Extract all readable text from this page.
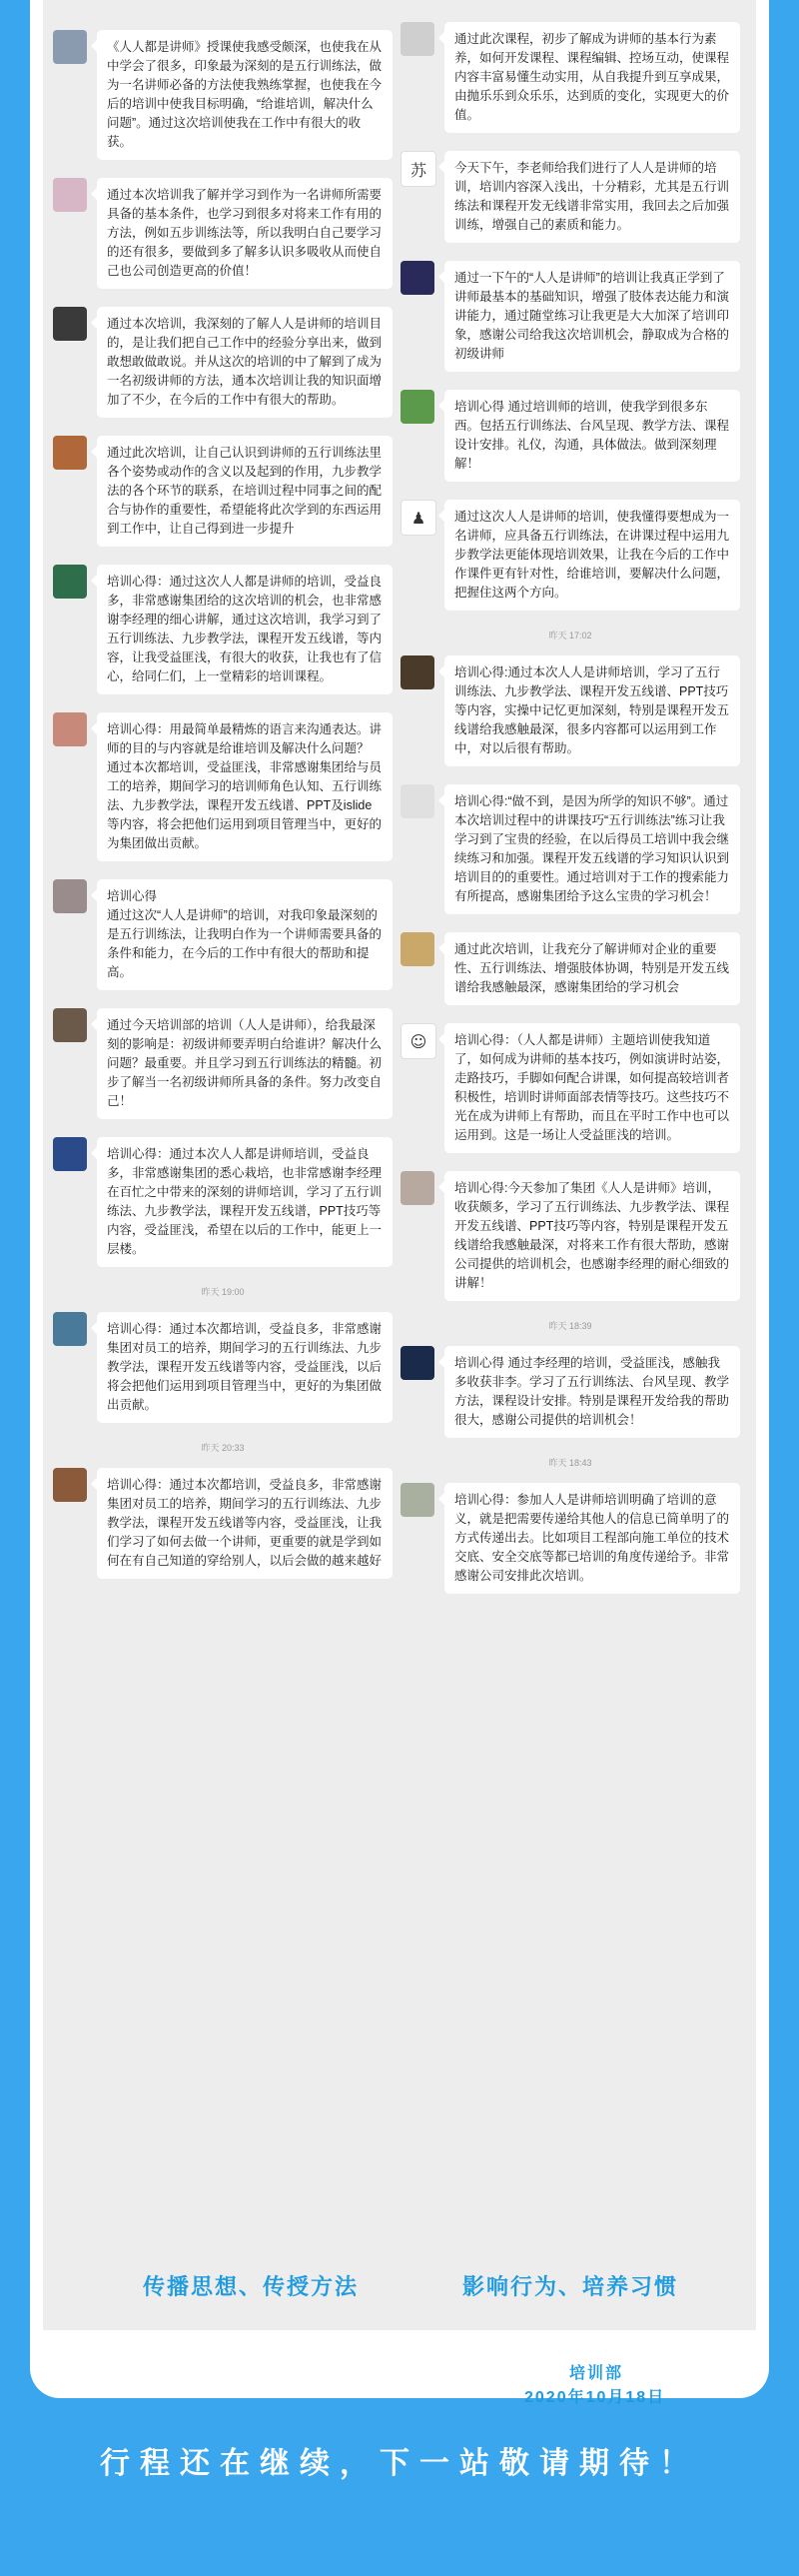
《人人都是讲师》授课使我感受颇深，也使我在从中学会了很多，印象最为深刻的是五行训练法，做为一名讲师必备的方法使我熟练掌握，也使我在今后的培训中使我目标明确，“给谁培训，解决什么问题”。通过这次培训使我在工作中有很大的收获。
通过本次培训我了解并学习到作为一名讲师所需要具备的基本条件，也学习到很多对将来工作有用的方法，例如五步训练法等，所以我明白自己要学习的还有很多，要做到多了解多认识多吸收从而使自己也公司创造更高的价值！
通过本次培训，我深刻的了解人人是讲师的培训目的，是让我们把自己工作中的经验分享出来，做到敢想敢做敢说。并从这次的培训的中了解到了成为一名初级讲师的方法，通本次培训让我的知识面增加了不少，在今后的工作中有很大的帮助。
通过此次培训，让自己认识到讲师的五行训练法里各个姿势或动作的含义以及起到的作用，九步教学法的各个环节的联系，在培训过程中同事之间的配合与协作的重要性，希望能将此次学到的东西运用到工作中，让自己得到进一步提升
培训心得：通过这次人人都是讲师的培训，受益良多，非常感谢集团给的这次培训的机会，也非常感谢李经理的细心讲解，通过这次培训，我学习到了五行训练法、九步教学法，课程开发五线谱，等内容，让我受益匪浅，有很大的收获，让我也有了信心，给同仁们，上一堂精彩的培训课程。
培训心得：用最简单最精炼的语言来沟通表达。讲师的目的与内容就是给谁培训及解决什么问题？
通过本次都培训，受益匪浅，非常感谢集团给与员工的培养，期间学习的培训师角色认知、五行训练法、九步教学法，课程开发五线谱、PPT及islide等内容，将会把他们运用到项目管理当中，更好的为集团做出贡献。
培训心得
通过这次“人人是讲师”的培训，对我印象最深刻的是五行训练法，让我明白作为一个讲师需要具备的条件和能力，在今后的工作中有很大的帮助和提高。
通过今天培训部的培训（人人是讲师），给我最深刻的影响是：初级讲师要弄明白给谁讲？解决什么问题？最重要。并且学习到五行训练法的精髓。初步了解当一名初级讲师所具备的条件。努力改变自己！
培训心得：通过本次人人都是讲师培训，受益良多，非常感谢集团的悉心栽培，也非常感谢李经理在百忙之中带来的深刻的讲师培训，学习了五行训练法、九步教学法，课程开发五线谱，PPT技巧等内容，受益匪浅，希望在以后的工作中，能更上一层楼。
昨天 19:00
培训心得：通过本次都培训，受益良多，非常感谢集团对员工的培养，期间学习的五行训练法、九步教学法，课程开发五线谱等内容，受益匪浅，以后将会把他们运用到项目管理当中，更好的为集团做出贡献。
昨天 20:33
培训心得：通过本次都培训，受益良多，非常感谢集团对员工的培养，期间学习的五行训练法、九步教学法，课程开发五线谱等内容，受益匪浅，让我们学习了如何去做一个讲师，更重要的就是学到如何在有自己知道的穿给别人，以后会做的越来越好
通过此次课程，初步了解成为讲师的基本行为素养，如何开发课程、课程编辑、控场互动，使课程内容丰富易懂生动实用，从自我提升到互享成果，由抛乐乐到众乐乐，达到质的变化，实现更大的价值。
苏	今天下午，李老师给我们进行了人人是讲师的培训，培训内容深入浅出，十分精彩，尤其是五行训练法和课程开发无线谱非常实用，我回去之后加强训练，增强自己的素质和能力。
通过一下午的“人人是讲师”的培训让我真正学到了讲师最基本的基础知识，增强了肢体表达能力和演讲能力，通过随堂练习让我更是大大加深了培训印象，感谢公司给我这次培训机会，静取成为合格的初级讲师
培训心得 通过培训师的培训，使我学到很多东西。包括五行训练法、台风呈现、教学方法、课程设计安排。礼仪，沟通，具体做法。做到深刻理解！
♟	通过这次人人是讲师的培训，使我懂得要想成为一名讲师，应具备五行训练法，在讲课过程中运用九步教学法更能体现培训效果，让我在今后的工作中作课件更有针对性，给谁培训，要解决什么问题，把握住这两个方向。
昨天 17:02
培训心得:通过本次人人是讲师培训，学习了五行训练法、九步教学法、课程开发五线谱、PPT技巧等内容，实操中记忆更加深刻，特别是课程开发五线谱给我感触最深，很多内容都可以运用到工作中，对以后很有帮助。
培训心得:“做不到，是因为所学的知识不够”。通过本次培训过程中的讲课技巧“五行训练法”练习让我学习到了宝贵的经验，在以后得员工培训中我会继续练习和加强。课程开发五线谱的学习知识认识到培训目的的重要性。通过培训对于工作的搜索能力有所提高，感谢集团给予这么宝贵的学习机会！
通过此次培训，让我充分了解讲师对企业的重要性、五行训练法、增强肢体协调，特别是开发五线谱给我感触最深，感谢集团给的学习机会
☺	培训心得：（人人都是讲师）主题培训使我知道了，如何成为讲师的基本技巧，例如演讲时站姿，走路技巧，手脚如何配合讲课，如何提高较培训者积极性，培训时讲师面部表情等技巧。这些技巧不光在成为讲师上有帮助，而且在平时工作中也可以运用到。这是一场让人受益匪浅的培训。
培训心得:今天参加了集团《人人是讲师》培训，收获颇多，学习了五行训练法、九步教学法、课程开发五线谱、PPT技巧等内容，特别是课程开发五线谱给我感触最深，对将来工作有很大帮助，感谢公司提供的培训机会，也感谢李经理的耐心细致的讲解！
昨天 18:39
培训心得 通过李经理的培训，受益匪浅，感触我多收获非李。学习了五行训练法、台风呈现、教学方法，课程设计安排。特别是课程开发给我的帮助很大，感谢公司提供的培训机会！
昨天 18:43
培训心得：参加人人是讲师培训明确了培训的意义，就是把需要传递给其他人的信息已简单明了的方式传递出去。比如项目工程部向施工单位的技术交底、安全交底等都已培训的角度传递给予。非常感谢公司安排此次培训。
传播思想、传授方法	影响行为、培养习惯
培训部
2020年10月18日
行程还在继续，下一站敬请期待！
